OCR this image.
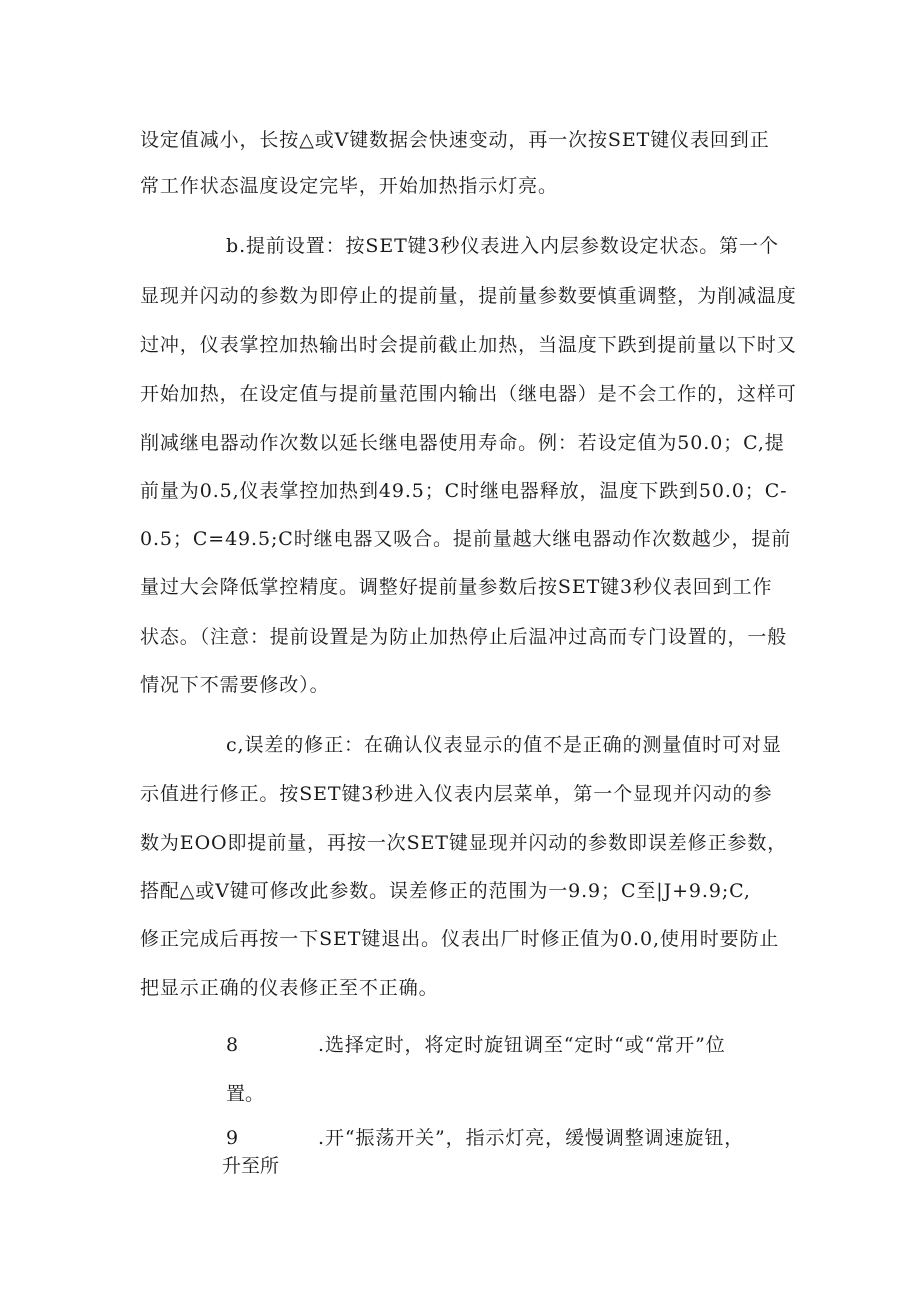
设定值减小，长按△或V键数据会快速变动，再一次按SET键仪表回到正
常工作状态温度设定完毕，开始加热指示灯亮。
b.提前设置：按SET键3秒仪表进入内层参数设定状态。第一个
显现并闪动的参数为即停止的提前量，提前量参数要慎重调整，为削减温度
过冲，仪表掌控加热输出时会提前截止加热，当温度下跌到提前量以下时又
开始加热，在设定值与提前量范围内输出（继电器）是不会工作的，这样可
削减继电器动作次数以延长继电器使用寿命。例：若设定值为50.0；C,提
前量为0.5,仪表掌控加热到49.5；C时继电器释放，温度下跌到50.0；C-
0.5；C=49.5;C时继电器又吸合。提前量越大继电器动作次数越少，提前
量过大会降低掌控精度。调整好提前量参数后按SET键3秒仪表回到工作
状态。（注意：提前设置是为防止加热停止后温冲过高而专门设置的，一般
情况下不需要修改）。
c,误差的修正：在确认仪表显示的值不是正确的测量值时可对显
示值进行修正。按SET键3秒进入仪表内层菜单，第一个显现并闪动的参
数为EOO即提前量，再按一次SET键显现并闪动的参数即误差修正参数，
搭配△或V键可修改此参数。误差修正的范围为一9.9；C至|J+9.9;C,
修正完成后再按一下SET键退出。仪表出厂时修正值为0.0,使用时要防止
把显示正确的仪表修正至不正确。
8	.选择定时，将定时旋钮调至“定时“或“常开”位
置。
9	.开“振荡开关”，指示灯亮，缓慢调整调速旋钮，
升至所
